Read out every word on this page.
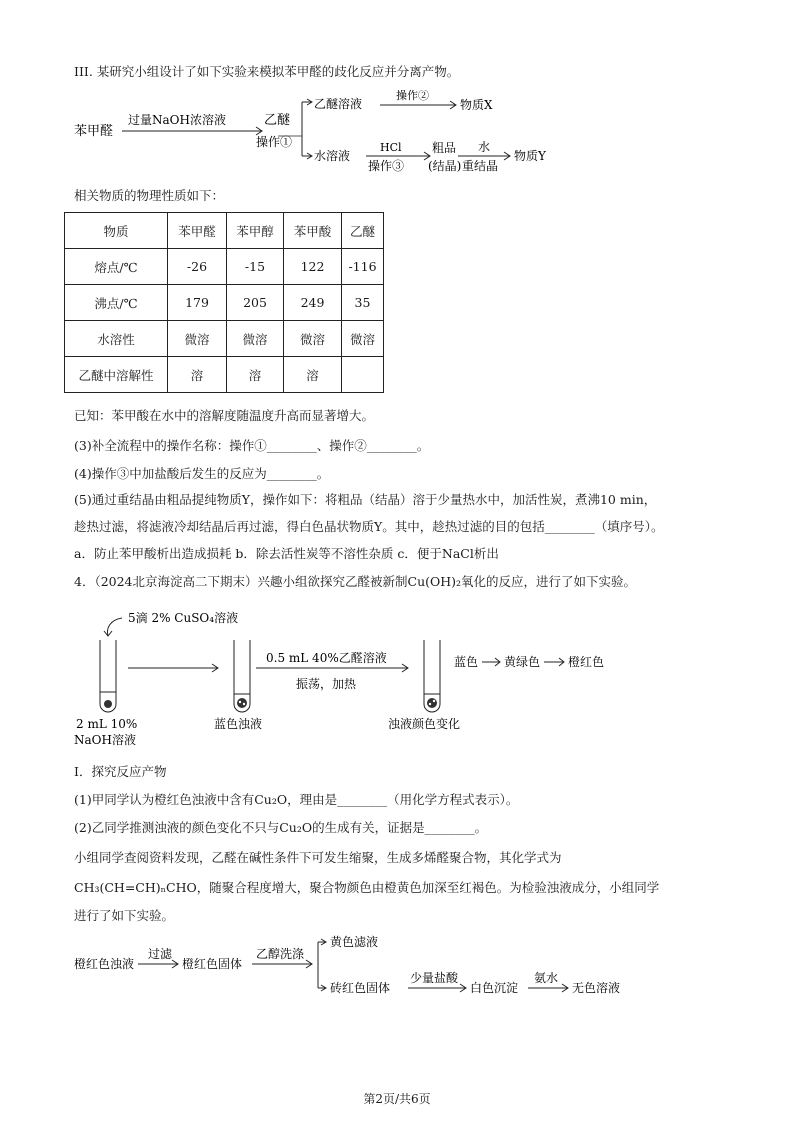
III. 某研究小组设计了如下实验来模拟苯甲醛的歧化反应并分离产物。
苯甲醛
过量NaOH浓溶液	乙醚
操作①
乙醚溶液
操作②
物质X
水溶液
HCl
操作③
粗品
(结晶)
水
重结晶
物质Y
相关物质的物理性质如下：
物质	苯甲醛	苯甲醇	苯甲酸	乙醚
熔点/℃	-26	-15	122	-116
沸点/℃	179	205	249	35
水溶性	微溶	微溶	微溶	微溶
乙醚中溶解性	溶	溶	溶	
已知：苯甲酸在水中的溶解度随温度升高而显著增大。
(3)补全流程中的操作名称：操作①________、操作②________。
(4)操作③中加盐酸后发生的反应为________。
(5)通过重结晶由粗品提纯物质Y，操作如下：将粗品（结晶）溶于少量热水中，加活性炭，煮沸10 min，
趁热过滤，将滤液冷却结晶后再过滤，得白色晶状物质Y。其中，趁热过滤的目的包括________（填序号）。
a．防止苯甲酸析出造成损耗 b．除去活性炭等不溶性杂质 c．便于NaCl析出
4．（2024北京海淀高二下期末）兴趣小组欲探究乙醛被新制Cu(OH)₂氧化的反应，进行了如下实验。
5滴 2% CuSO₄溶液
2 mL 10%
NaOH溶液
蓝色浊液
0.5 mL 40%乙醛溶液
振荡，加热
浊液颜色变化
蓝色 黄绿色 橙红色
I．探究反应产物
(1)甲同学认为橙红色浊液中含有Cu₂O，理由是________（用化学方程式表示）。
(2)乙同学推测浊液的颜色变化不只与Cu₂O的生成有关，证据是________。
小组同学查阅资料发现，乙醛在碱性条件下可发生缩聚，生成多烯醛聚合物，其化学式为
CH₃(CH=CH)ₙCHO，随聚合程度增大，聚合物颜色由橙黄色加深至红褐色。为检验浊液成分，小组同学
进行了如下实验。
橙红色浊液
过滤
橙红色固体
乙醇洗涤
黄色滤液
砖红色固体
少量盐酸
白色沉淀
氨水
无色溶液
第2页/共6页
